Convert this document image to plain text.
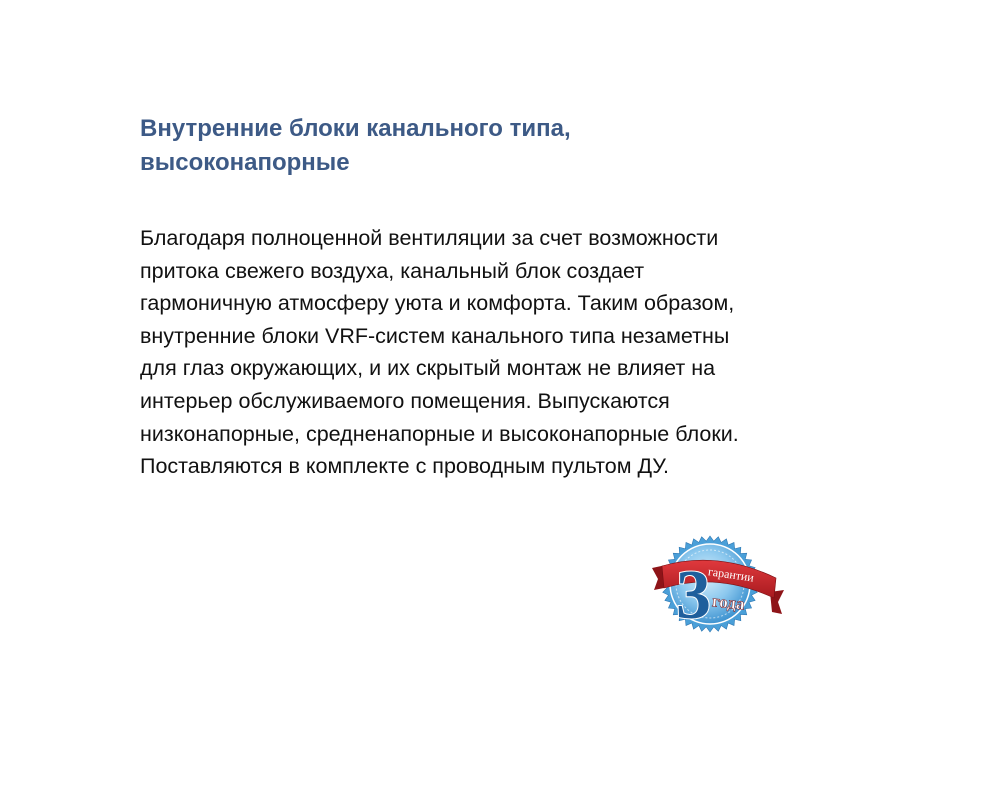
Внутренние блоки канального типа,
высоконапорные

Благодаря полноценной вентиляции за счет возможности
притока свежего воздуха, канальный блок создает
гармоничную атмосферу уюта и комфорта. Таким образом,
внутренние блоки VRF-систем канального типа незаметны
для глаз окружающих, и их скрытый монтаж не влияет на
интерьер обслуживаемого помещения. Выпускаются
низконапорные, средненапорные и высоконапорные блоки.
Поставляются в комплекте с проводным пультом ДУ.

3
гарантии
года
